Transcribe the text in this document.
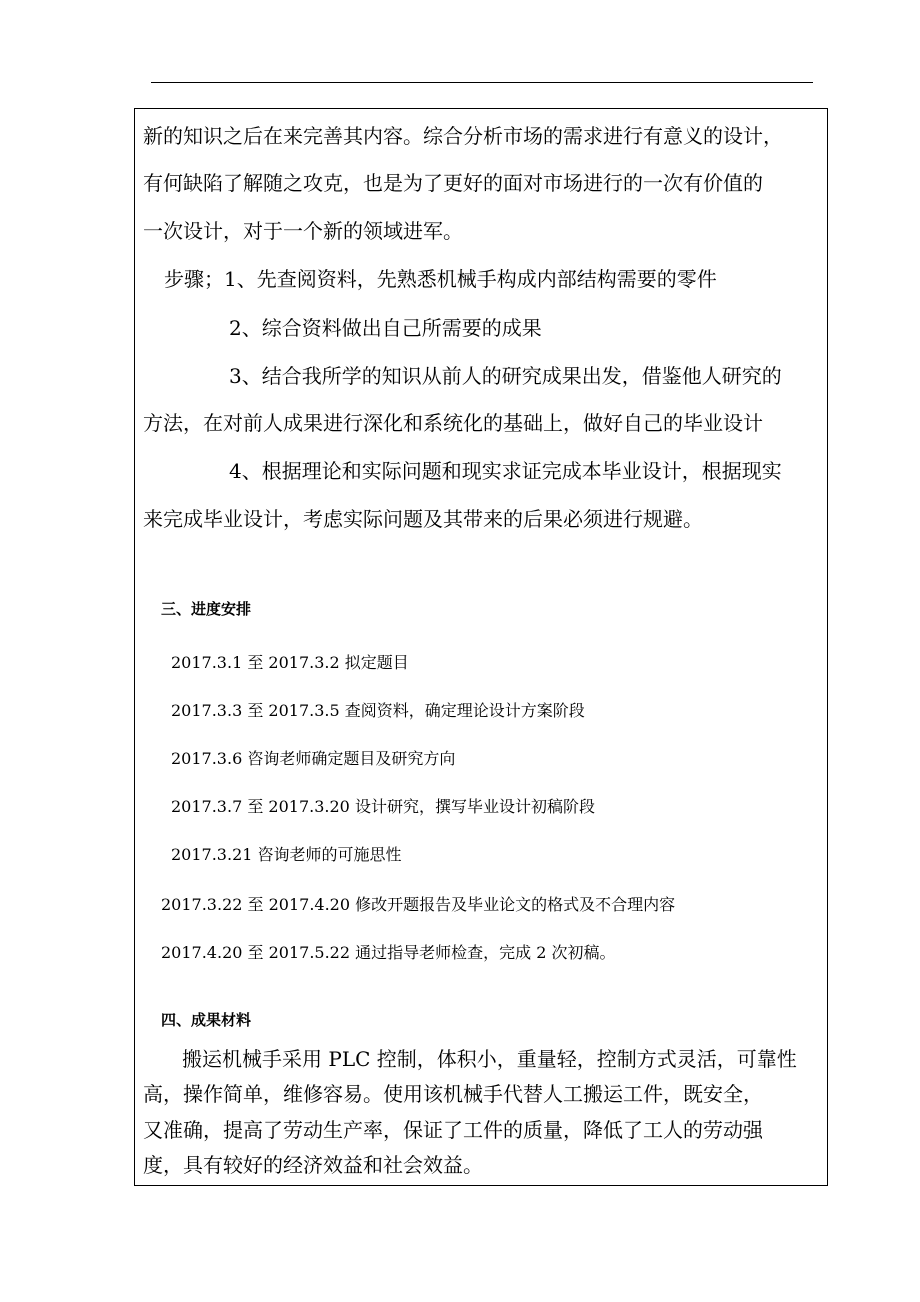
新的知识之后在来完善其内容。综合分析市场的需求进行有意义的设计，
有何缺陷了解随之攻克，也是为了更好的面对市场进行的一次有价值的
一次设计，对于一个新的领域进军。
步骤；1、先查阅资料，先熟悉机械手构成内部结构需要的零件
2、综合资料做出自己所需要的成果
3、结合我所学的知识从前人的研究成果出发，借鉴他人研究的
方法，在对前人成果进行深化和系统化的基础上，做好自己的毕业设计
4、根据理论和实际问题和现实求证完成本毕业设计，根据现实
来完成毕业设计，考虑实际问题及其带来的后果必须进行规避。
三、进度安排
2017.3.1 至 2017.3.2 拟定题目
2017.3.3 至 2017.3.5 查阅资料，确定理论设计方案阶段
2017.3.6 咨询老师确定题目及研究方向
2017.3.7 至 2017.3.20 设计研究，撰写毕业设计初稿阶段
2017.3.21 咨询老师的可施思性
2017.3.22 至 2017.4.20 修改开题报告及毕业论文的格式及不合理内容
2017.4.20 至 2017.5.22 通过指导老师检查，完成 2 次初稿。
四、成果材料
搬运机械手采用 PLC 控制，体积小，重量轻，控制方式灵活，可靠性
高，操作简单，维修容易。使用该机械手代替人工搬运工件，既安全，
又准确，提高了劳动生产率，保证了工件的质量，降低了工人的劳动强
度，具有较好的经济效益和社会效益。
